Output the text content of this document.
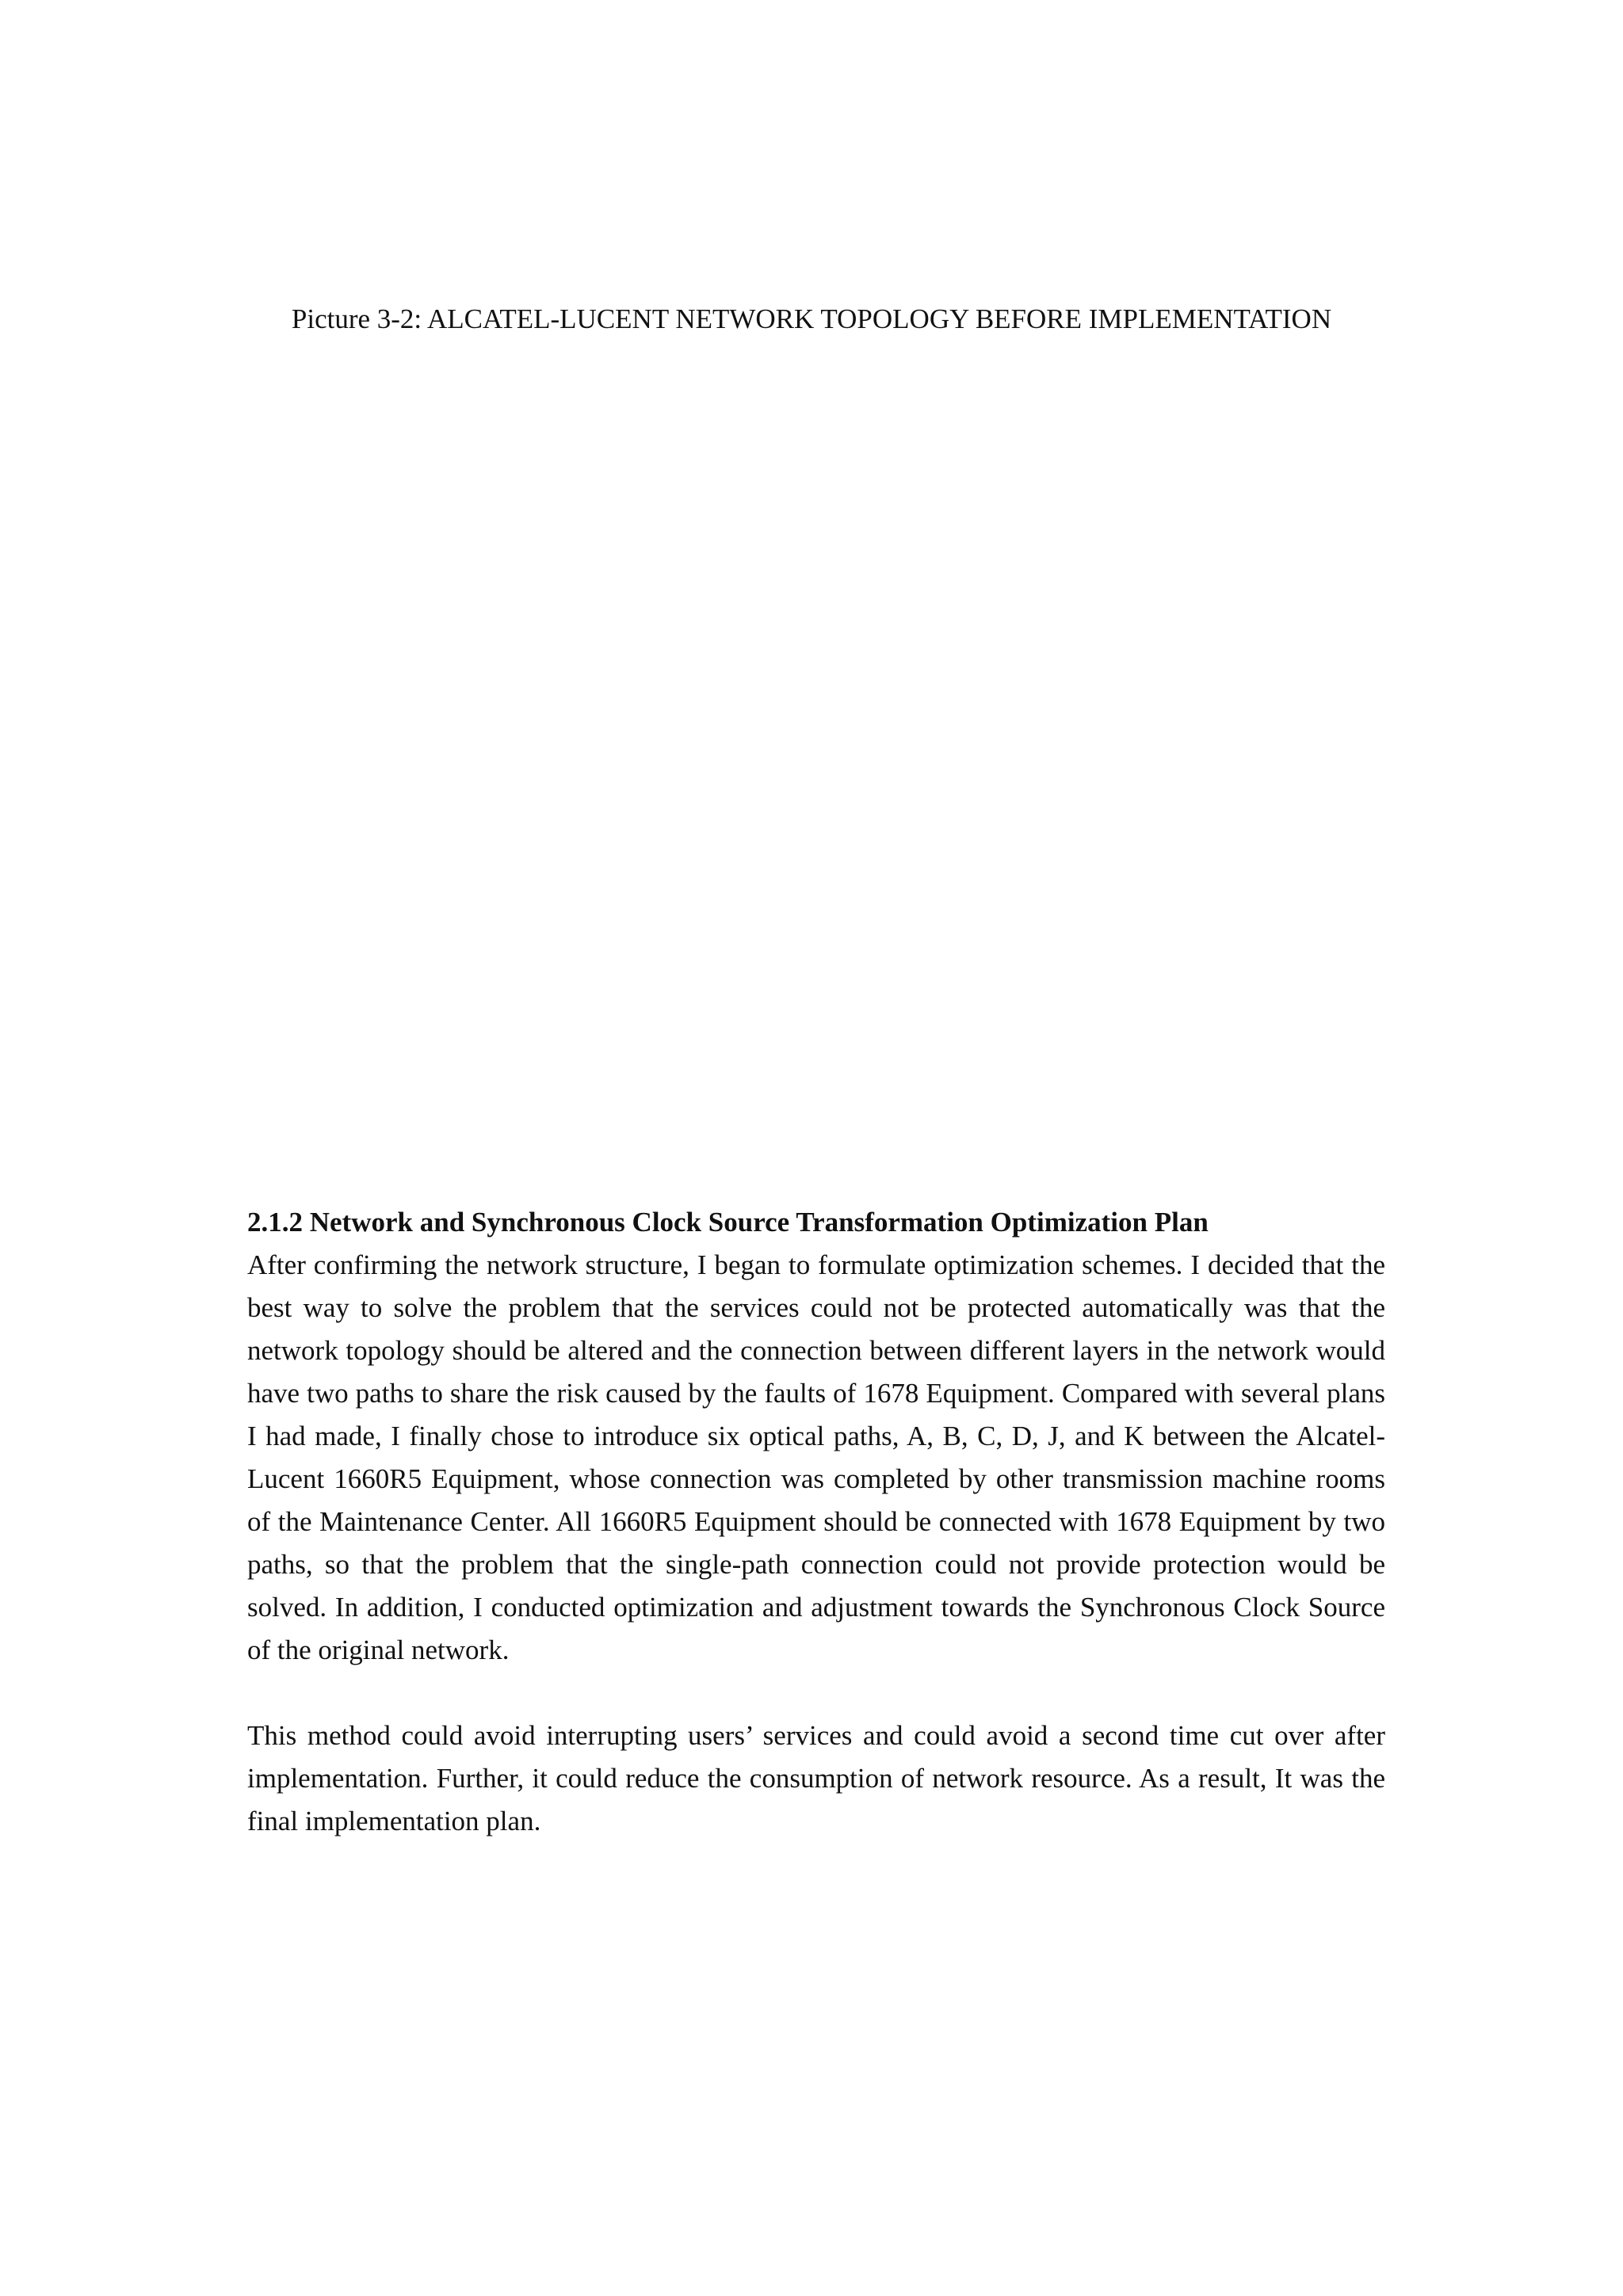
Picture 3-2: ALCATEL-LUCENT NETWORK TOPOLOGY BEFORE IMPLEMENTATION
2.1.2 Network and Synchronous Clock Source Transformation Optimization Plan

After confirming the network structure, I began to formulate optimization schemes. I decided that the best way to solve the problem that the services could not be protected automatically was that the network topology should be altered and the connection between different layers in the network would have two paths to share the risk caused by the faults of 1678 Equipment. Compared with several plans I had made, I finally chose to introduce six optical paths, A, B, C, D, J, and K between the Alcatel-Lucent 1660R5 Equipment, whose connection was completed by other transmission machine rooms of the Maintenance Center. All 1660R5 Equipment should be connected with 1678 Equipment by two paths, so that the problem that the single-path connection could not provide protection would be solved. In addition, I conducted optimization and adjustment towards the Synchronous Clock Source of the original network.

This method could avoid interrupting users’ services and could avoid a second time cut over after implementation. Further, it could reduce the consumption of network resource. As a result, It was the final implementation plan.
